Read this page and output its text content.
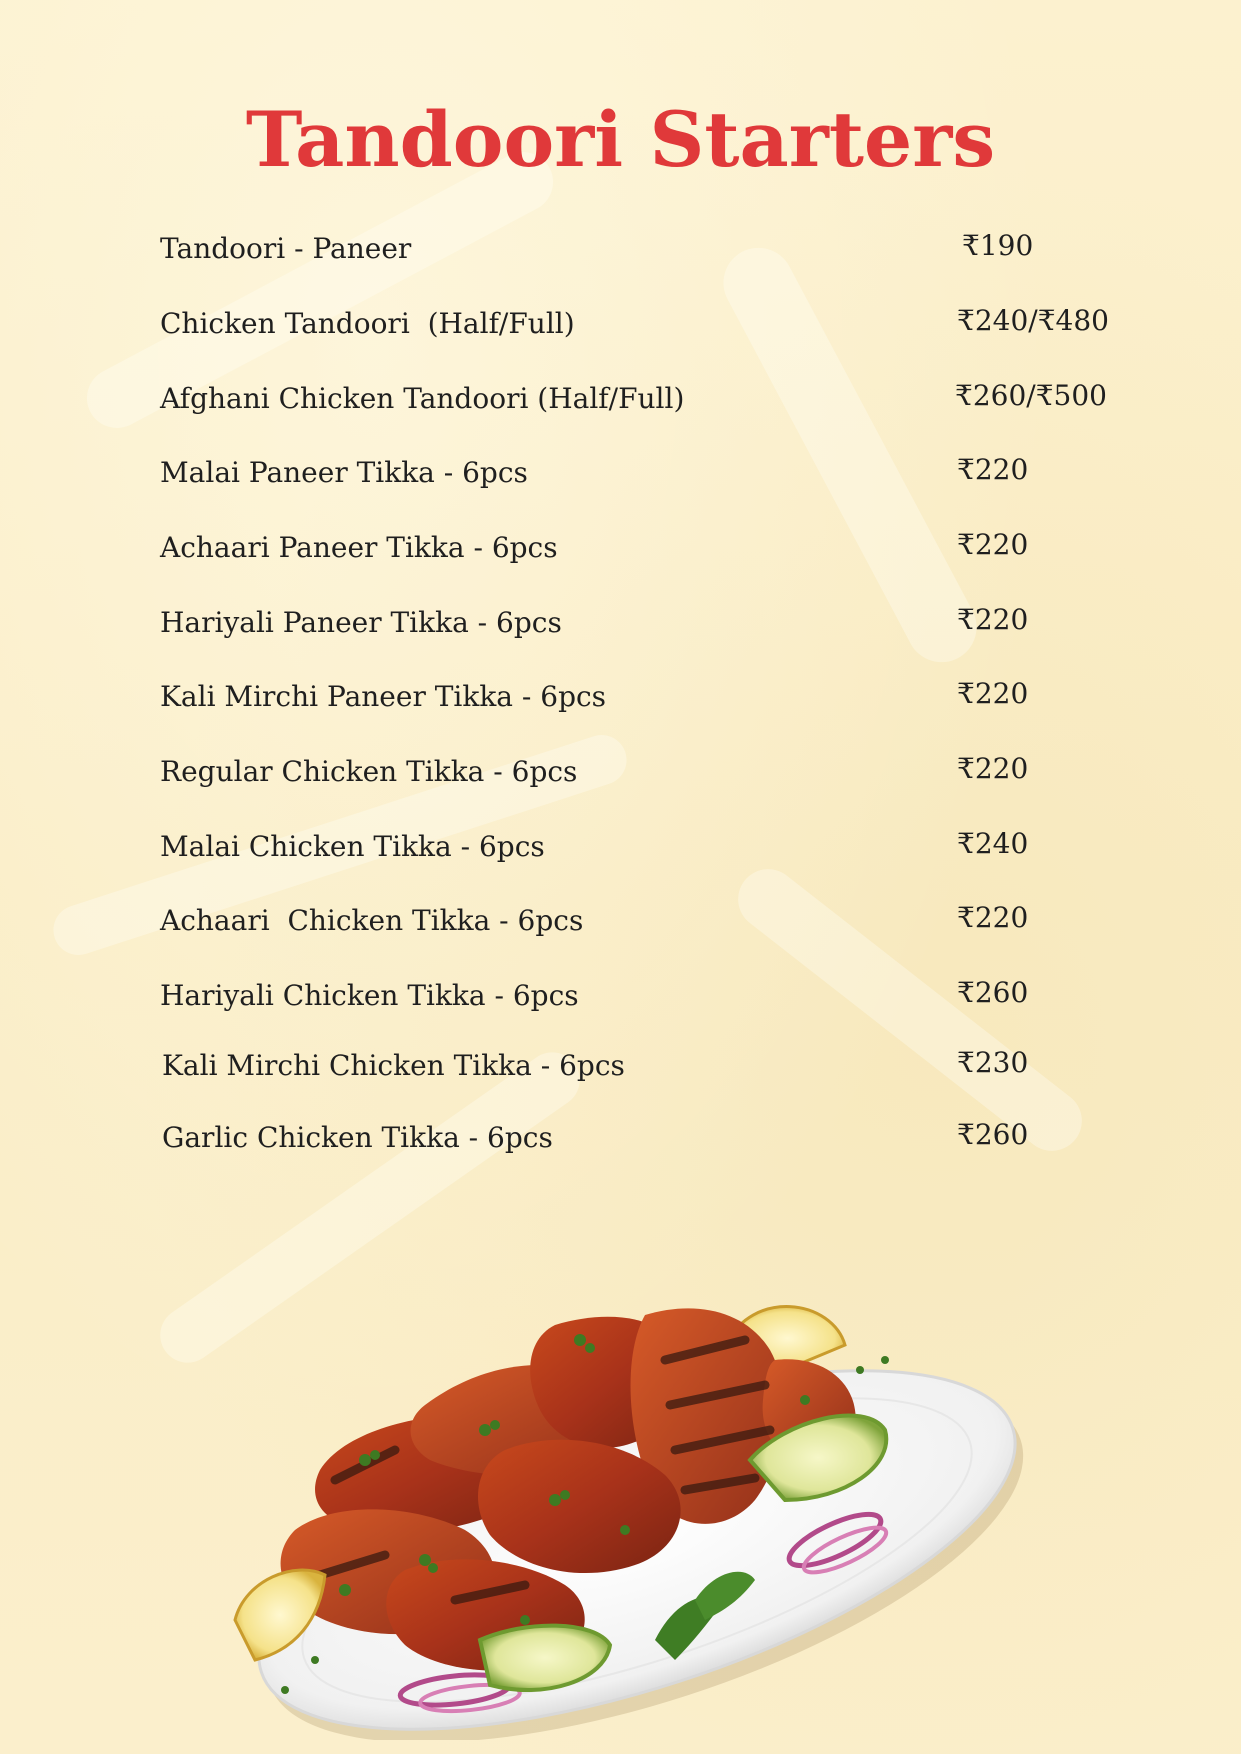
Tandoori Starters
Tandoori - Paneer	₹190
Chicken Tandoori  (Half/Full)	₹240/₹480
Afghani Chicken Tandoori (Half/Full)	₹260/₹500
Malai Paneer Tikka - 6pcs	₹220
Achaari Paneer Tikka - 6pcs	₹220
Hariyali Paneer Tikka - 6pcs	₹220
Kali Mirchi Paneer Tikka - 6pcs	₹220
Regular Chicken Tikka - 6pcs	₹220
Malai Chicken Tikka - 6pcs	₹240
Achaari  Chicken Tikka - 6pcs	₹220
Hariyali Chicken Tikka - 6pcs	₹260
Kali Mirchi Chicken Tikka - 6pcs	₹230
Garlic Chicken Tikka - 6pcs	₹260
